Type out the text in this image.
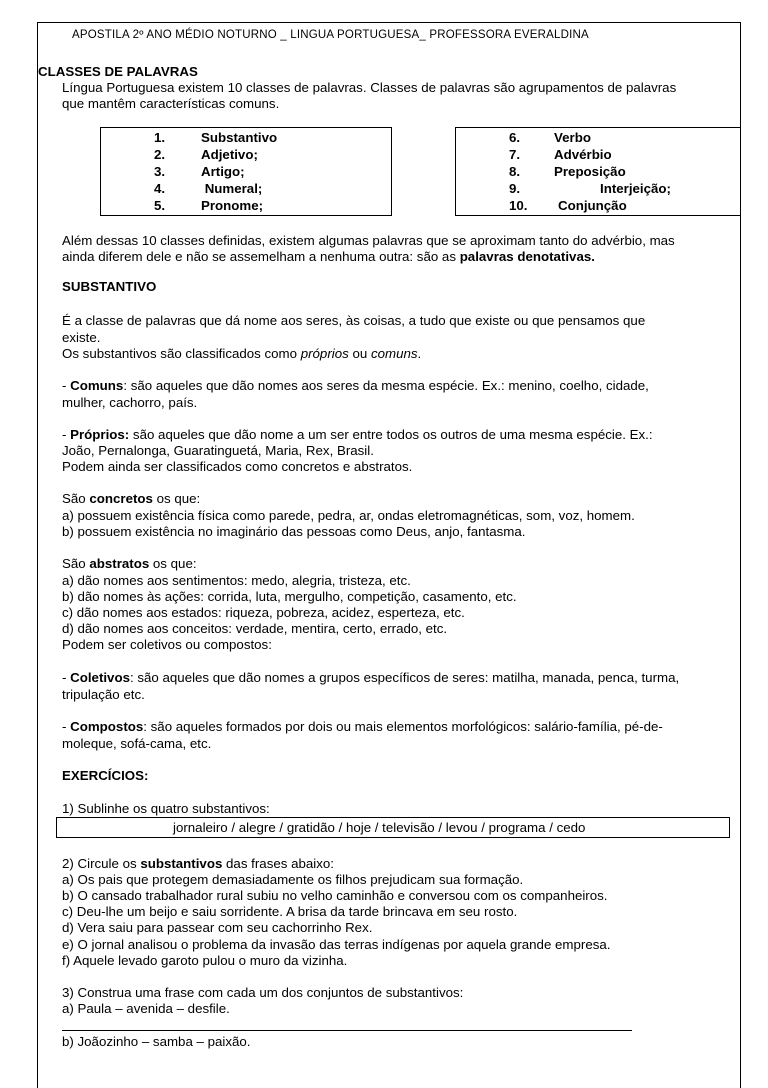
APOSTILA 2º ANO MÉDIO NOTURNO _ LINGUA PORTUGUESA_ PROFESSORA EVERALDINA
CLASSES DE PALAVRAS
Língua Portuguesa existem 10 classes de palavras. Classes de palavras são agrupamentos de palavras
que mantêm características comuns.
1.	Substantivo
2.	Adjetivo;
3.	Artigo;
4.	Numeral;
5.	Pronome;
6.	Verbo
7.	Advérbio
8.	Preposição
9.	Interjeição;
10. Conjunção
Além dessas 10 classes definidas, existem algumas palavras que se aproximam tanto do advérbio, mas
ainda diferem dele e não se assemelham a nenhuma outra: são as palavras denotativas.
SUBSTANTIVO
É a classe de palavras que dá nome aos seres, às coisas, a tudo que existe ou que pensamos que
existe.
Os substantivos são classificados como próprios ou comuns.
- Comuns: são aqueles que dão nomes aos seres da mesma espécie. Ex.: menino, coelho, cidade,
mulher, cachorro, país.
- Próprios: são aqueles que dão nome a um ser entre todos os outros de uma mesma espécie. Ex.:
João, Pernalonga, Guaratinguetá, Maria, Rex, Brasil.
Podem ainda ser classificados como concretos e abstratos.
São concretos os que:
a) possuem existência física como parede, pedra, ar, ondas eletromagnéticas, som, voz, homem.
b) possuem existência no imaginário das pessoas como Deus, anjo, fantasma.
São abstratos os que:
a) dão nomes aos sentimentos: medo, alegria, tristeza, etc.
b) dão nomes às ações: corrida, luta, mergulho, competição, casamento, etc.
c) dão nomes aos estados: riqueza, pobreza, acidez, esperteza, etc.
d) dão nomes aos conceitos: verdade, mentira, certo, errado, etc.
Podem ser coletivos ou compostos:
- Coletivos: são aqueles que dão nomes a grupos específicos de seres: matilha, manada, penca, turma,
tripulação etc.
- Compostos: são aqueles formados por dois ou mais elementos morfológicos: salário-família, pé-de-
moleque, sofá-cama, etc.
EXERCÍCIOS:
1) Sublinhe os quatro substantivos:
jornaleiro / alegre / gratidão / hoje / televisão / levou / programa / cedo
2) Circule os substantivos das frases abaixo:
a) Os pais que protegem demasiadamente os filhos prejudicam sua formação.
b) O cansado trabalhador rural subiu no velho caminhão e conversou com os companheiros.
c) Deu-lhe um beijo e saiu sorridente. A brisa da tarde brincava em seu rosto.
d) Vera saiu para passear com seu cachorrinho Rex.
e) O jornal analisou o problema da invasão das terras indígenas por aquela grande empresa.
f) Aquele levado garoto pulou o muro da vizinha.
3) Construa uma frase com cada um dos conjuntos de substantivos:
a) Paula – avenida – desfile.
b) Joãozinho – samba – paixão.
